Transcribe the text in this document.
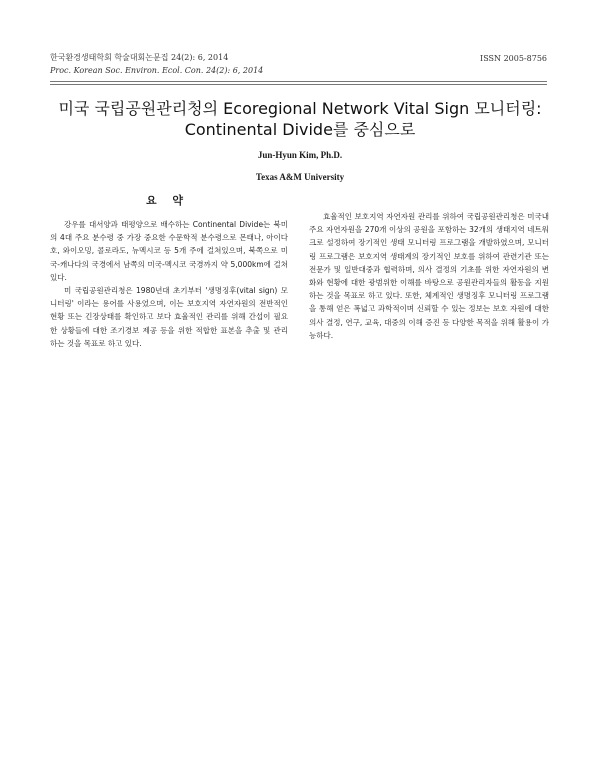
한국환경생태학회 학술대회논문집 24(2): 6, 2014
Proc. Korean Soc. Environ. Ecol. Con. 24(2): 6, 2014
ISSN 2005-8756
미국 국립공원관리청의 Ecoregional Network Vital Sign 모니터링:
Continental Divide를 중심으로
Jun-Hyun Kim, Ph.D.
Texas A&M University
요 약

강우를 대서양과 태평양으로 배수하는 Continental Divide는 북미의 4대 주요 분수령 중 가장 중요한 수문학적 분수령으로 몬태나, 아이다호, 와이오밍, 콜로라도, 뉴멕시코 등 5개 주에 걸쳐있으며, 북쪽으로 미국-캐나다의 국경에서 남쪽의 미국-멕시코 국경까지 약 5,000km에 걸쳐 있다.

미 국립공원관리청은 1980년대 초기부터 '생명징후(vital sign) 모니터링' 이라는 용어를 사용었으며, 이는 보호지역 자연자원의 전반적인 현황 또는 긴장상태를 확인하고 보다 효율적인 관리를 위해 간섭이 필요한 상황들에 대한 조기경보 제공 등을 위한 적합한 표본을 추출 및 관리 하는 것을 목표로 하고 있다.

효율적인 보호지역 자연자원 관리를 위하여 국립공원관리청은 미국내 주요 자연자원을 270개 이상의 공원을 포함하는 32개의 생태지역 네트워크로 설정하여 장기적인 생태 모니터링 프로그램을 개발하였으며, 모니터링 프로그램은 보호지역 생태계의 장기적인 보호를 위하여 관련기관 또는 전문가 및 일반대중과 협력하며, 의사 결정의 기초를 위한 자연자원의 변화와 현황에 대한 광범위한 이해를 바탕으로 공원관리자들의 활동을 지원하는 것을 목표로 하고 있다. 또한, 체계적인 생명징후 모니터링 프로그램을 통해 얻은 폭넓고 과학적이며 신뢰할 수 있는 정보는 보호 자원에 대한 의사 결정, 연구, 교육, 대중의 이해 증진 등 다양한 목적을 위해 활용이 가능하다.
